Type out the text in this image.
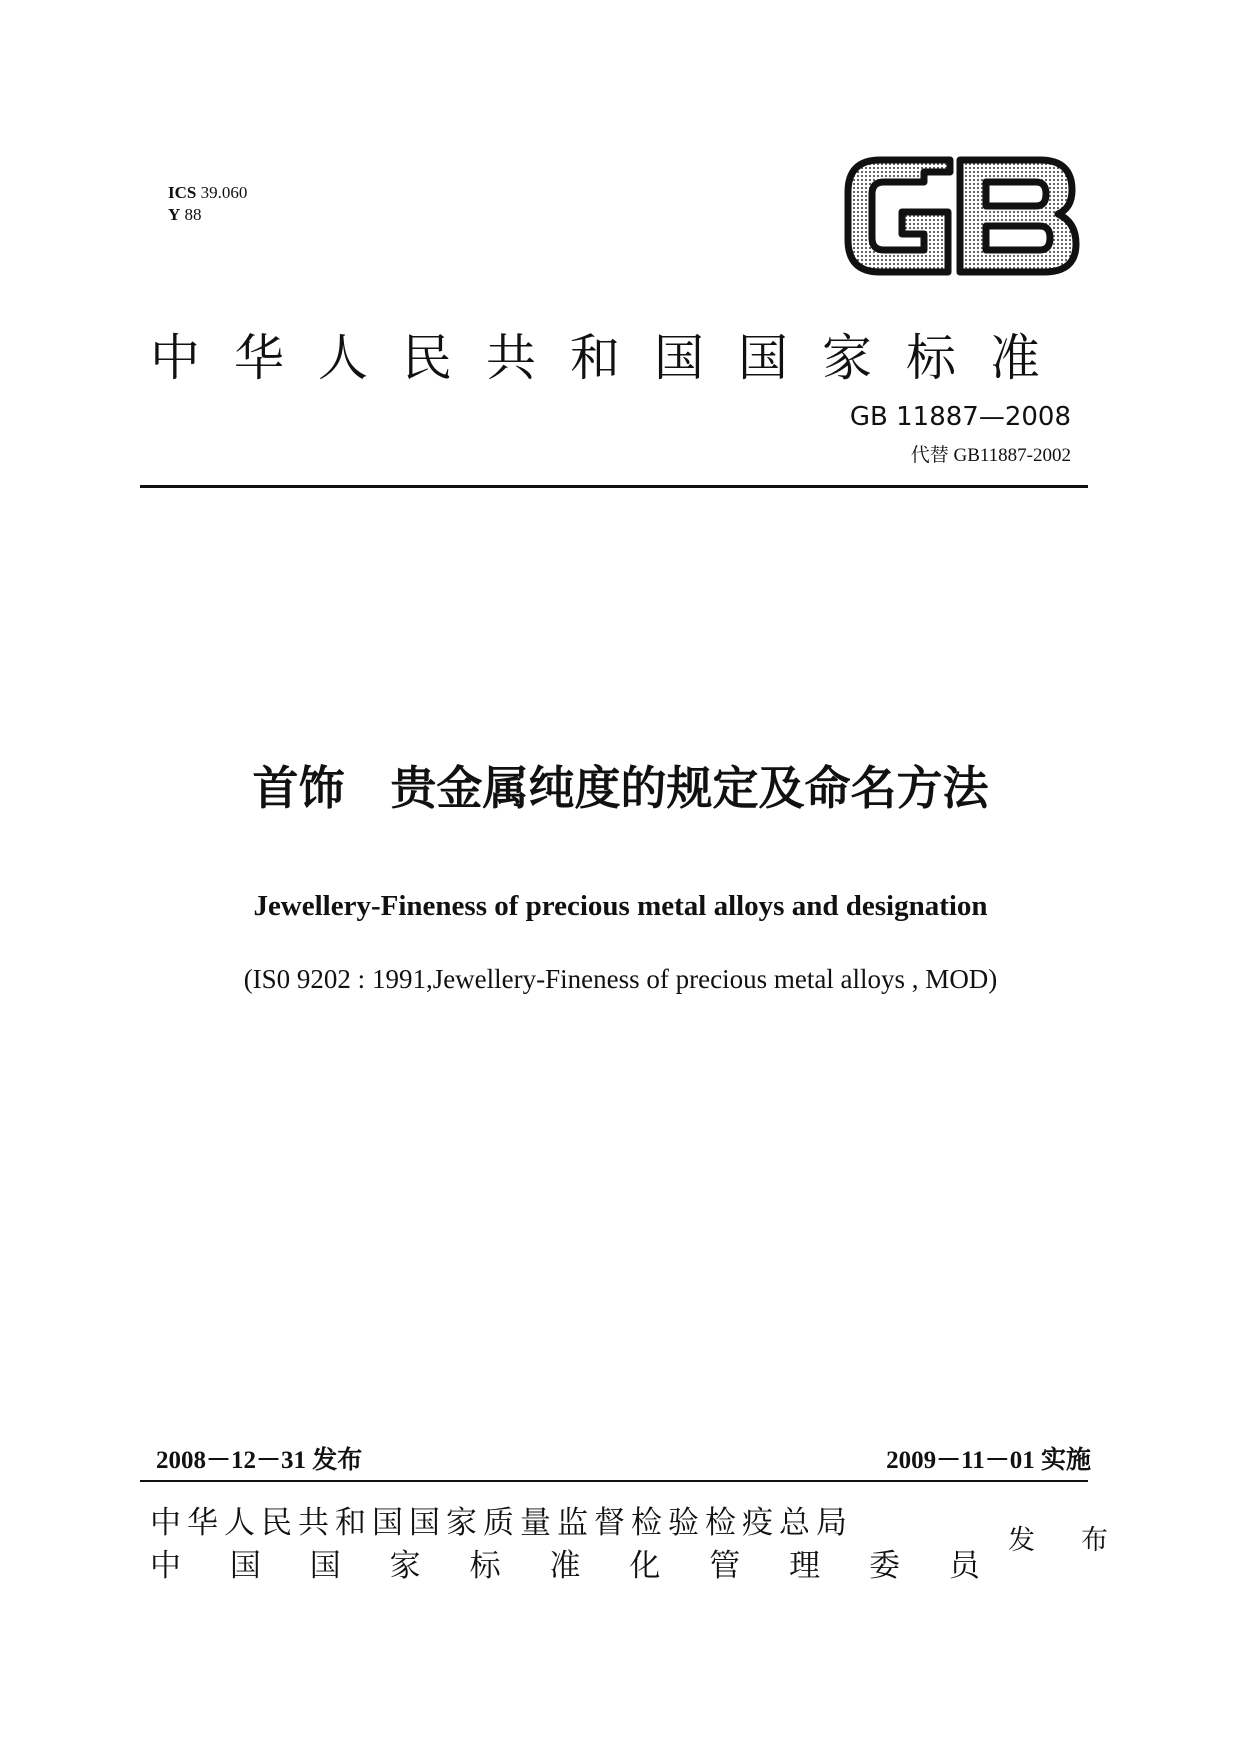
ICS 39.060
Y 88
GB
中华人民共和国国家标准
GB 11887—2008
代替 GB11887-2002
首饰　贵金属纯度的规定及命名方法
Jewellery-Fineness of precious metal alloys and designation
(IS0 9202 : 1991,Jewellery-Fineness of precious metal alloys , MOD)
2008－12－31 发布	2009－11－01 实施
中华人民共和国国家质量监督检验检疫总局
中 国 国 家 标 准 化 管 理 委 员
发 布
